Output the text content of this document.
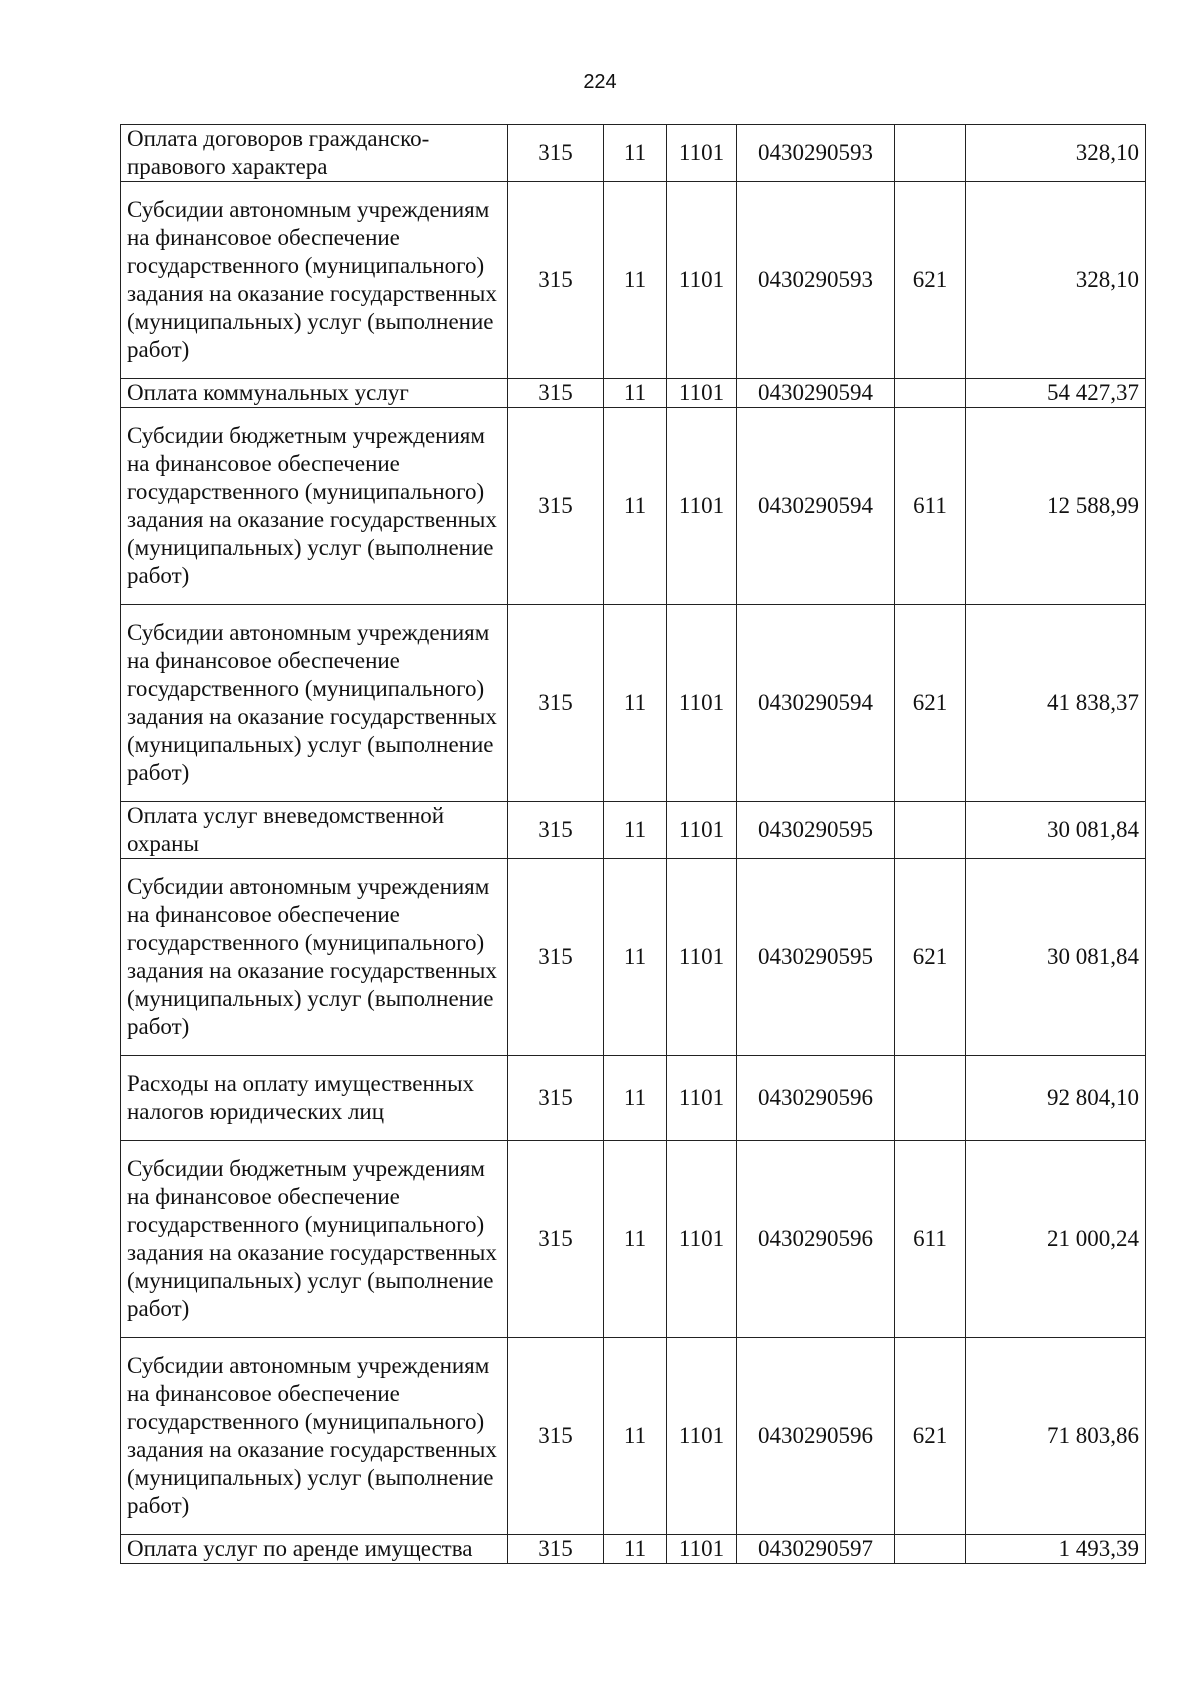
224
Оплата договоров гражданско-правового характера	315	11	1101	0430290593		328,10
Субсидии автономным учреждениям на финансовое обеспечение государственного (муниципального) задания на оказание государственных (муниципальных) услуг (выполнение работ)	315	11	1101	0430290593	621	328,10
Оплата коммунальных услуг	315	11	1101	0430290594		54 427,37
Субсидии бюджетным учреждениям на финансовое обеспечение государственного (муниципального) задания на оказание государственных (муниципальных) услуг (выполнение работ)	315	11	1101	0430290594	611	12 588,99
Субсидии автономным учреждениям на финансовое обеспечение государственного (муниципального) задания на оказание государственных (муниципальных) услуг (выполнение работ)	315	11	1101	0430290594	621	41 838,37
Оплата услуг вневедомственной охраны	315	11	1101	0430290595		30 081,84
Субсидии автономным учреждениям на финансовое обеспечение государственного (муниципального) задания на оказание государственных (муниципальных) услуг (выполнение работ)	315	11	1101	0430290595	621	30 081,84
Расходы на оплату имущественных налогов юридических лиц	315	11	1101	0430290596		92 804,10
Субсидии бюджетным учреждениям на финансовое обеспечение государственного (муниципального) задания на оказание государственных (муниципальных) услуг (выполнение работ)	315	11	1101	0430290596	611	21 000,24
Субсидии автономным учреждениям на финансовое обеспечение государственного (муниципального) задания на оказание государственных (муниципальных) услуг (выполнение работ)	315	11	1101	0430290596	621	71 803,86
Оплата услуг по аренде имущества	315	11	1101	0430290597		1 493,39
